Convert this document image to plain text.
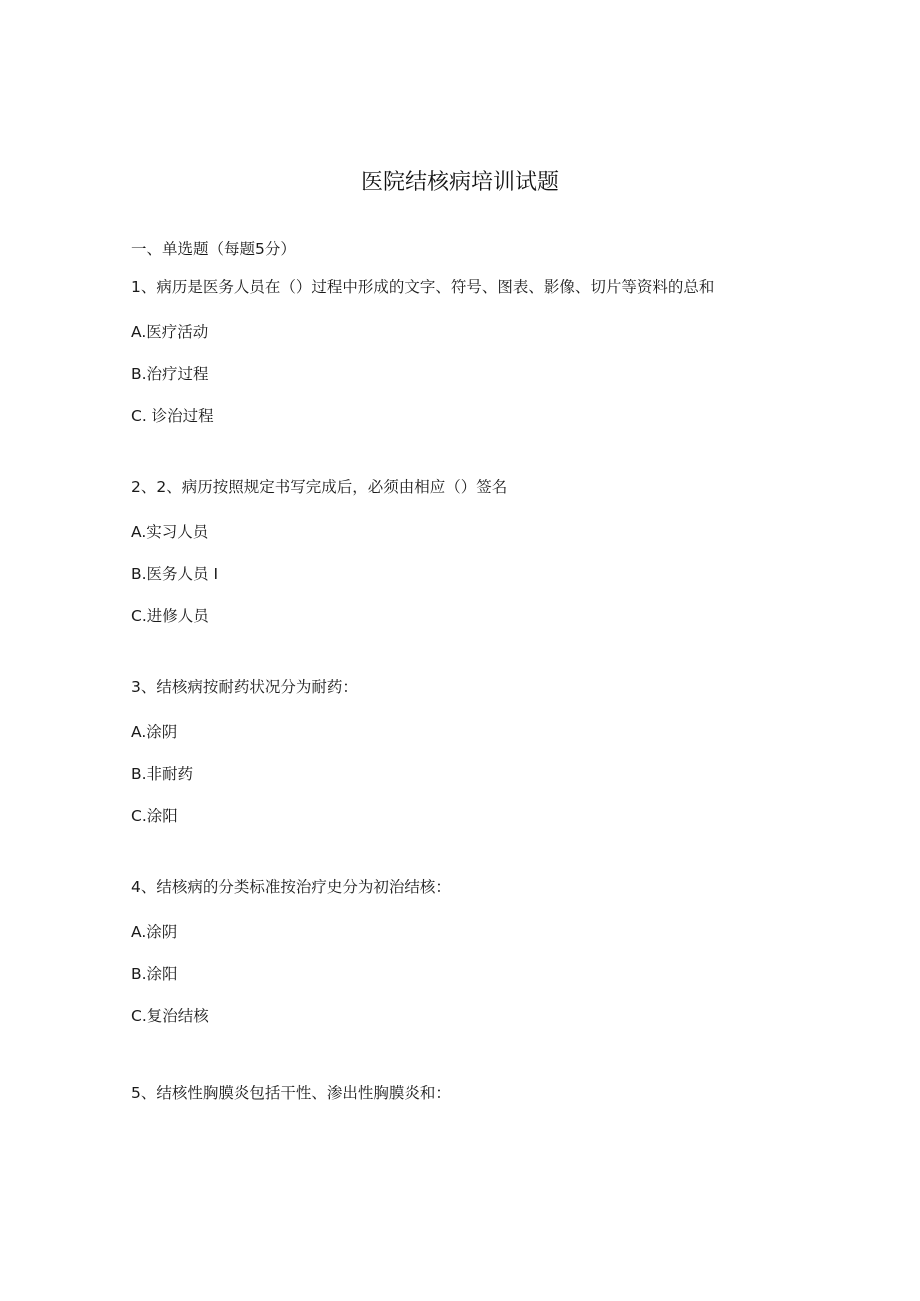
医院结核病培训试题
一、单选题（每题5分）
1、病历是医务人员在（）过程中形成的文字、符号、图表、影像、切片等资料的总和
A.医疗活动
B.治疗过程
C. 诊治过程
2、2、病历按照规定书写完成后，必须由相应（）签名
A.实习人员
B.医务人员 I
C.进修人员
3、结核病按耐药状况分为耐药：
A.涂阴
B.非耐药
C.涂阳
4、结核病的分类标准按治疗史分为初治结核：
A.涂阴
B.涂阳
C.复治结核
5、结核性胸膜炎包括干性、渗出性胸膜炎和：
